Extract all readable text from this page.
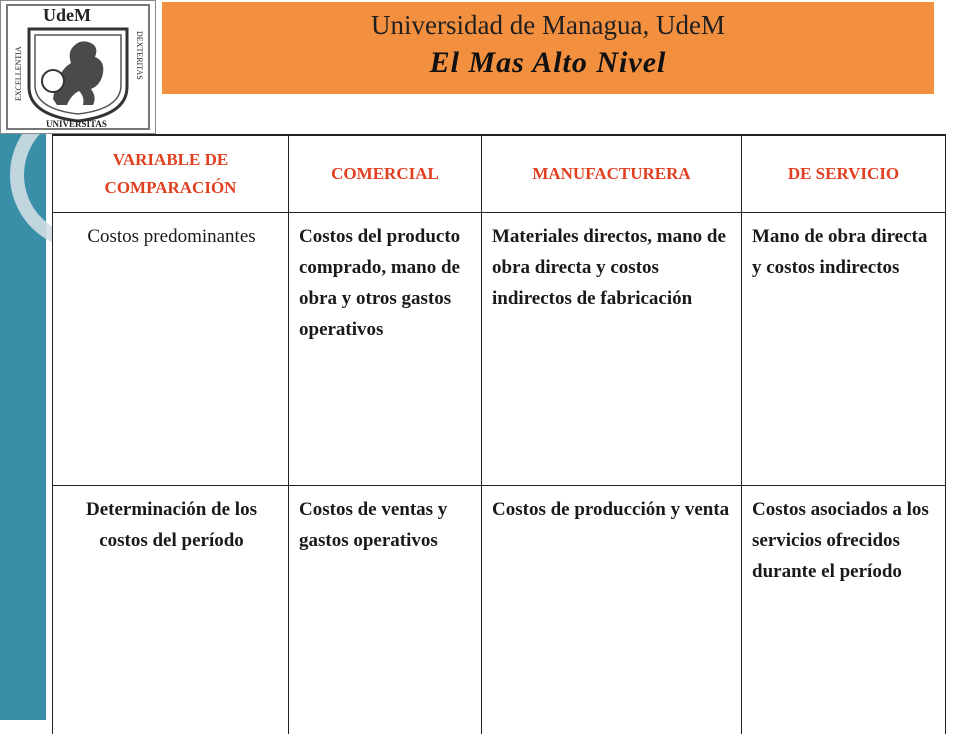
UdeM
EXCELLENTIA	DEXTERITAS
UNIVERSITAS
Universidad de Managua, UdeM
El Mas Alto Nivel
VARIABLE DE COMPARACIÓN	COMERCIAL	MANUFACTURERA	DE SERVICIO
Costos predominantes	Costos del producto comprado, mano de obra y otros gastos operativos	Materiales directos, mano de obra directa y costos indirectos de fabricación	Mano de obra directa y costos indirectos
Determinación de los costos del período	Costos de ventas y gastos operativos	Costos de producción y venta	Costos asociados a los servicios ofrecidos durante el período
